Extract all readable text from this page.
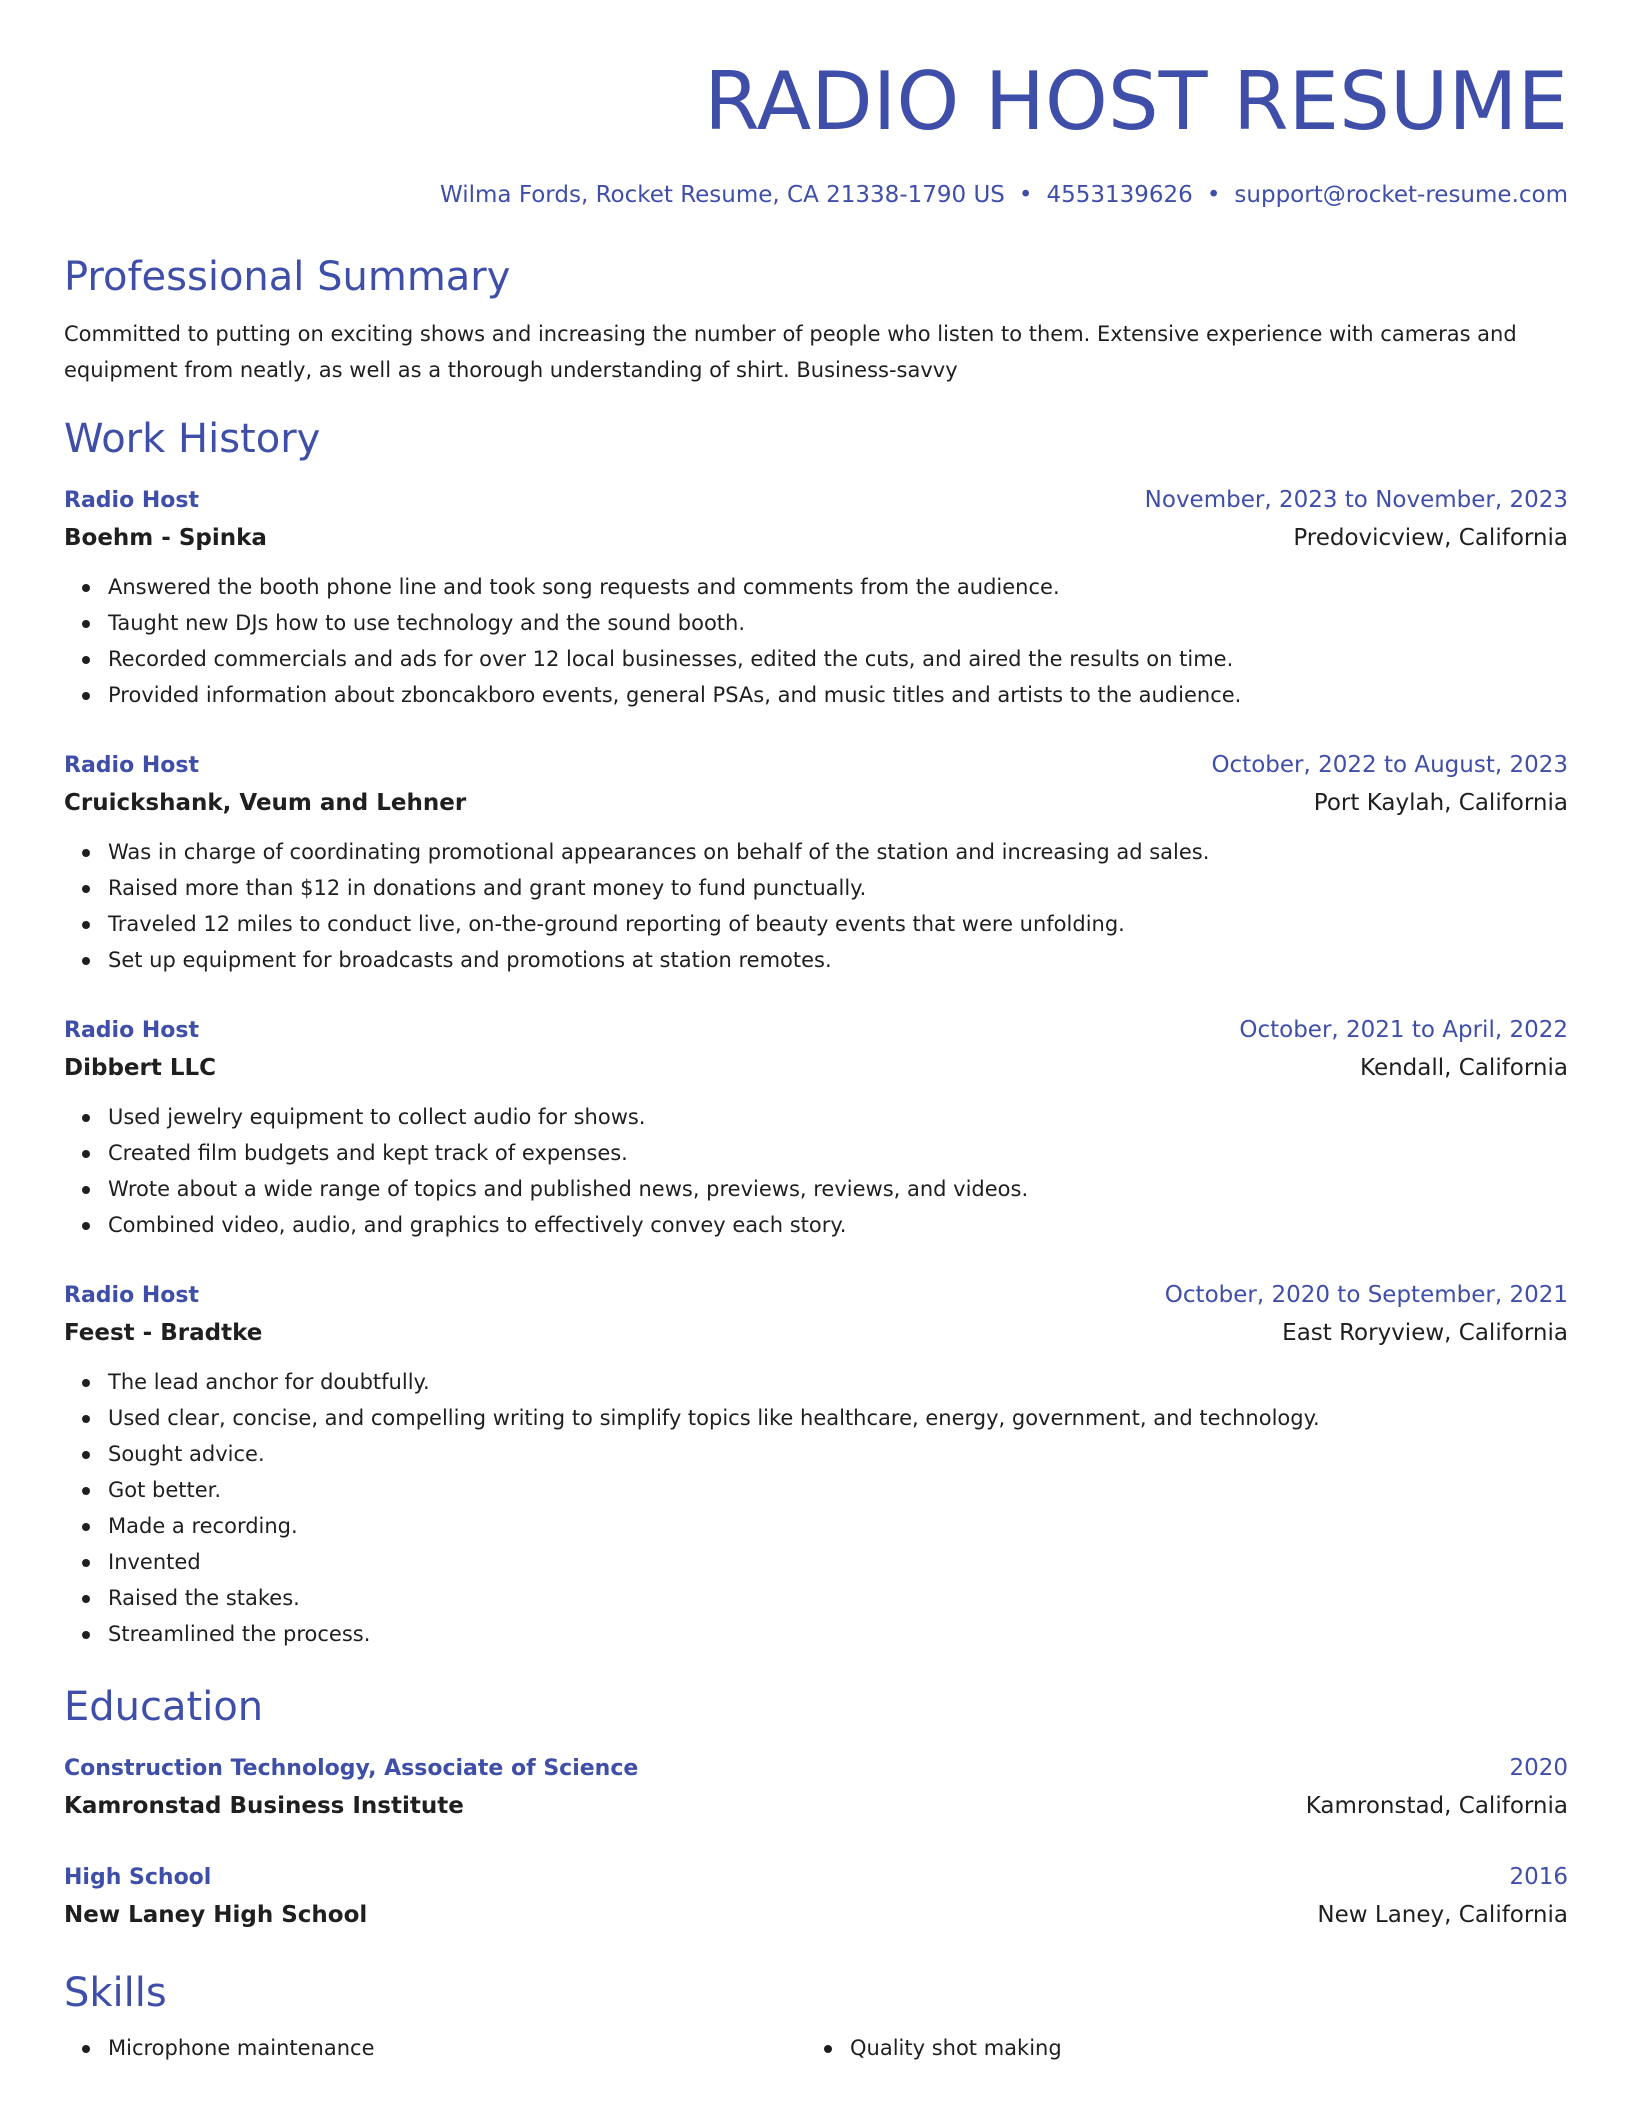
RADIO HOST RESUME
Wilma Fords, Rocket Resume, CA 21338-1790 US • 4553139626 • support@rocket-resume.com
Professional Summary
Committed to putting on exciting shows and increasing the number of people who listen to them. Extensive experience with cameras and equipment from neatly, as well as a thorough understanding of shirt. Business-savvy
Work History
Radio Host	November, 2023 to November, 2023
Boehm - Spinka	Predovicview, California
Answered the booth phone line and took song requests and comments from the audience.
Taught new DJs how to use technology and the sound booth.
Recorded commercials and ads for over 12 local businesses, edited the cuts, and aired the results on time.
Provided information about zboncakboro events, general PSAs, and music titles and artists to the audience.
Radio Host	October, 2022 to August, 2023
Cruickshank, Veum and Lehner	Port Kaylah, California
Was in charge of coordinating promotional appearances on behalf of the station and increasing ad sales.
Raised more than $12 in donations and grant money to fund punctually.
Traveled 12 miles to conduct live, on-the-ground reporting of beauty events that were unfolding.
Set up equipment for broadcasts and promotions at station remotes.
Radio Host	October, 2021 to April, 2022
Dibbert LLC	Kendall, California
Used jewelry equipment to collect audio for shows.
Created film budgets and kept track of expenses.
Wrote about a wide range of topics and published news, previews, reviews, and videos.
Combined video, audio, and graphics to effectively convey each story.
Radio Host	October, 2020 to September, 2021
Feest - Bradtke	East Roryview, California
The lead anchor for doubtfully.
Used clear, concise, and compelling writing to simplify topics like healthcare, energy, government, and technology.
Sought advice.
Got better.
Made a recording.
Invented
Raised the stakes.
Streamlined the process.
Education
Construction Technology, Associate of Science	2020
Kamronstad Business Institute	Kamronstad, California
High School	2016
New Laney High School	New Laney, California
Skills
Microphone maintenance	Quality shot making
